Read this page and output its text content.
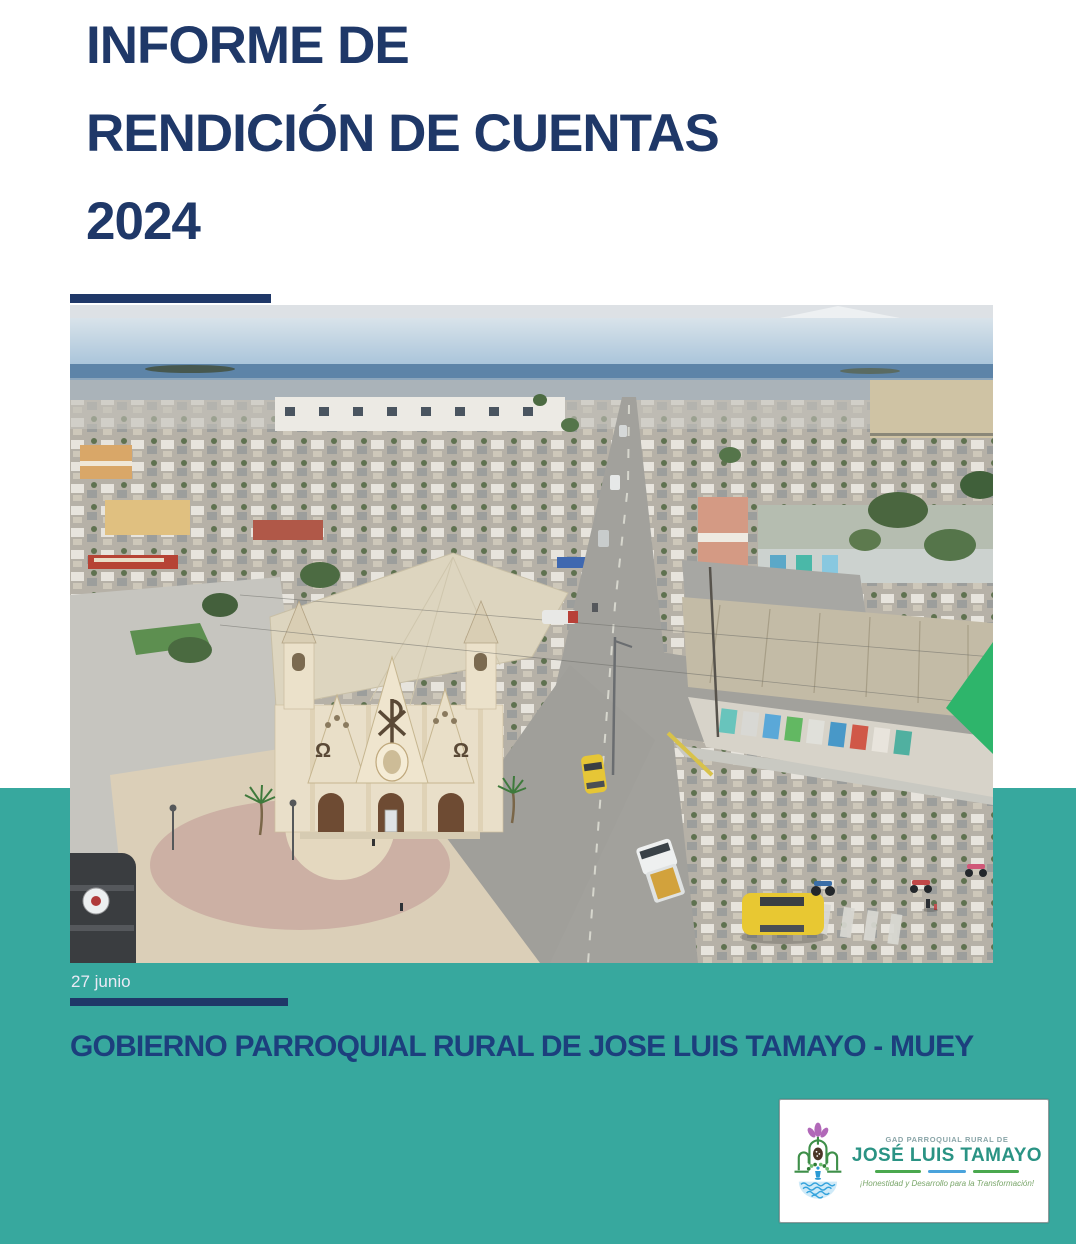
INFORME DE
RENDICIÓN DE CUENTAS
2024
Ω	Ω
27 junio
GOBIERNO PARROQUIAL RURAL DE JOSE LUIS TAMAYO - MUEY
GAD PARROQUIAL RURAL DE
JOSÉ LUIS TAMAYO
¡Honestidad y Desarrollo para la Transformación!
